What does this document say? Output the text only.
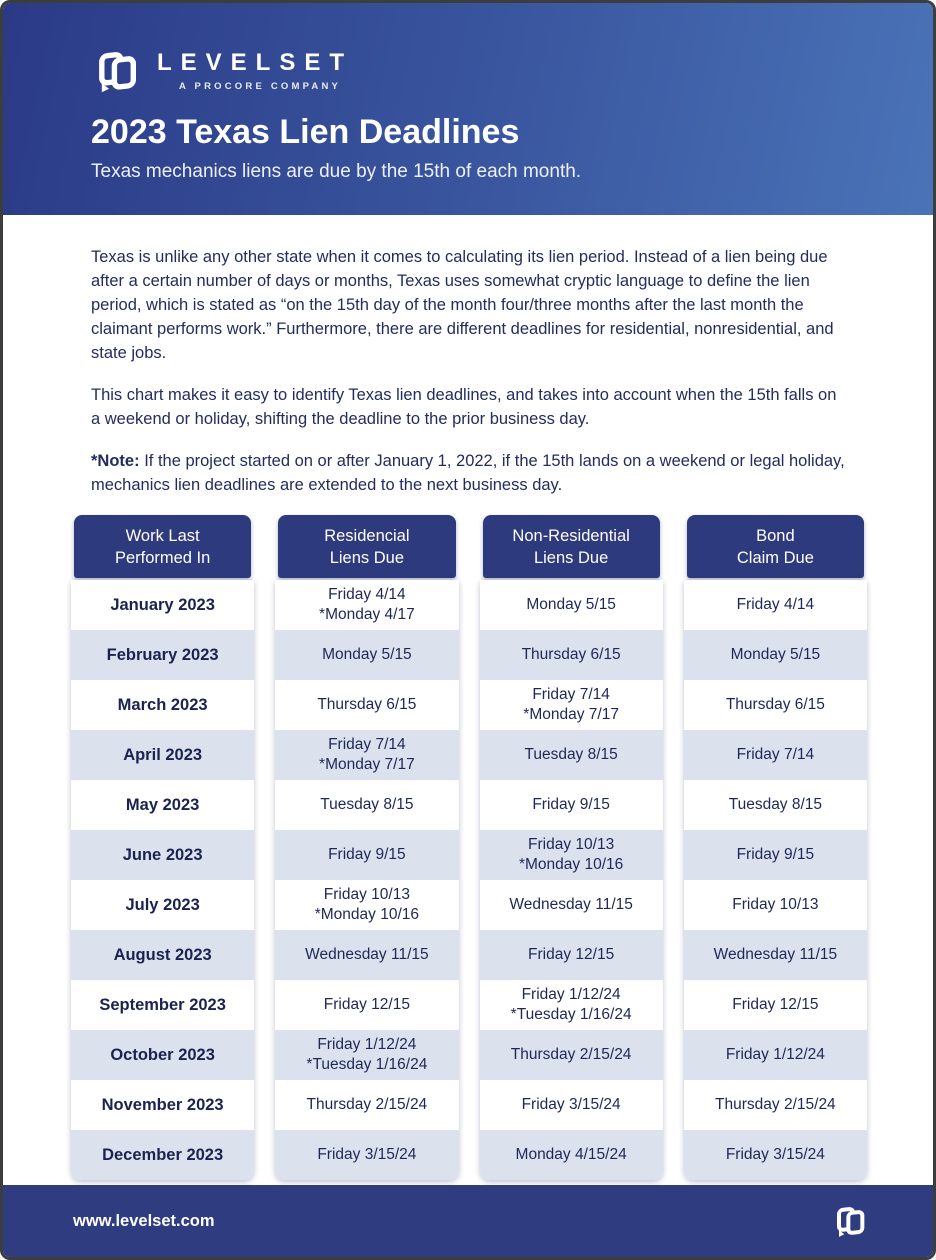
LEVELSET
A PROCORE COMPANY
2023 Texas Lien Deadlines
Texas mechanics liens are due by the 15th of each month.

Texas is unlike any other state when it comes to calculating its lien period. Instead of a lien being due after a certain number of days or months, Texas uses somewhat cryptic language to define the lien period, which is stated as “on the 15th day of the month four/three months after the last month the claimant performs work.” Furthermore, there are different deadlines for residential, nonresidential, and state jobs.

This chart makes it easy to identify Texas lien deadlines, and takes into account when the 15th falls on a weekend or holiday, shifting the deadline to the prior business day.

*Note: If the project started on or after January 1, 2022, if the 15th lands on a weekend or legal holiday, mechanics lien deadlines are extended to the next business day.

Work Last
Performed In
January 2023
February 2023
March 2023
April 2023
May 2023
June 2023
July 2023
August 2023
September 2023
October 2023
November 2023
December 2023
Residencial
Liens Due
Friday 4/14
*Monday 4/17
Monday 5/15
Thursday 6/15
Friday 7/14
*Monday 7/17
Tuesday 8/15
Friday 9/15
Friday 10/13
*Monday 10/16
Wednesday 11/15
Friday 12/15
Friday 1/12/24
*Tuesday 1/16/24
Thursday 2/15/24
Friday 3/15/24
Non-Residential
Liens Due
Monday 5/15
Thursday 6/15
Friday 7/14
*Monday 7/17
Tuesday 8/15
Friday 9/15
Friday 10/13
*Monday 10/16
Wednesday 11/15
Friday 12/15
Friday 1/12/24
*Tuesday 1/16/24
Thursday 2/15/24
Friday 3/15/24
Monday 4/15/24
Bond
Claim Due
Friday 4/14
Monday 5/15
Thursday 6/15
Friday 7/14
Tuesday 8/15
Friday 9/15
Friday 10/13
Wednesday 11/15
Friday 12/15
Friday 1/12/24
Thursday 2/15/24
Friday 3/15/24
www.levelset.com
